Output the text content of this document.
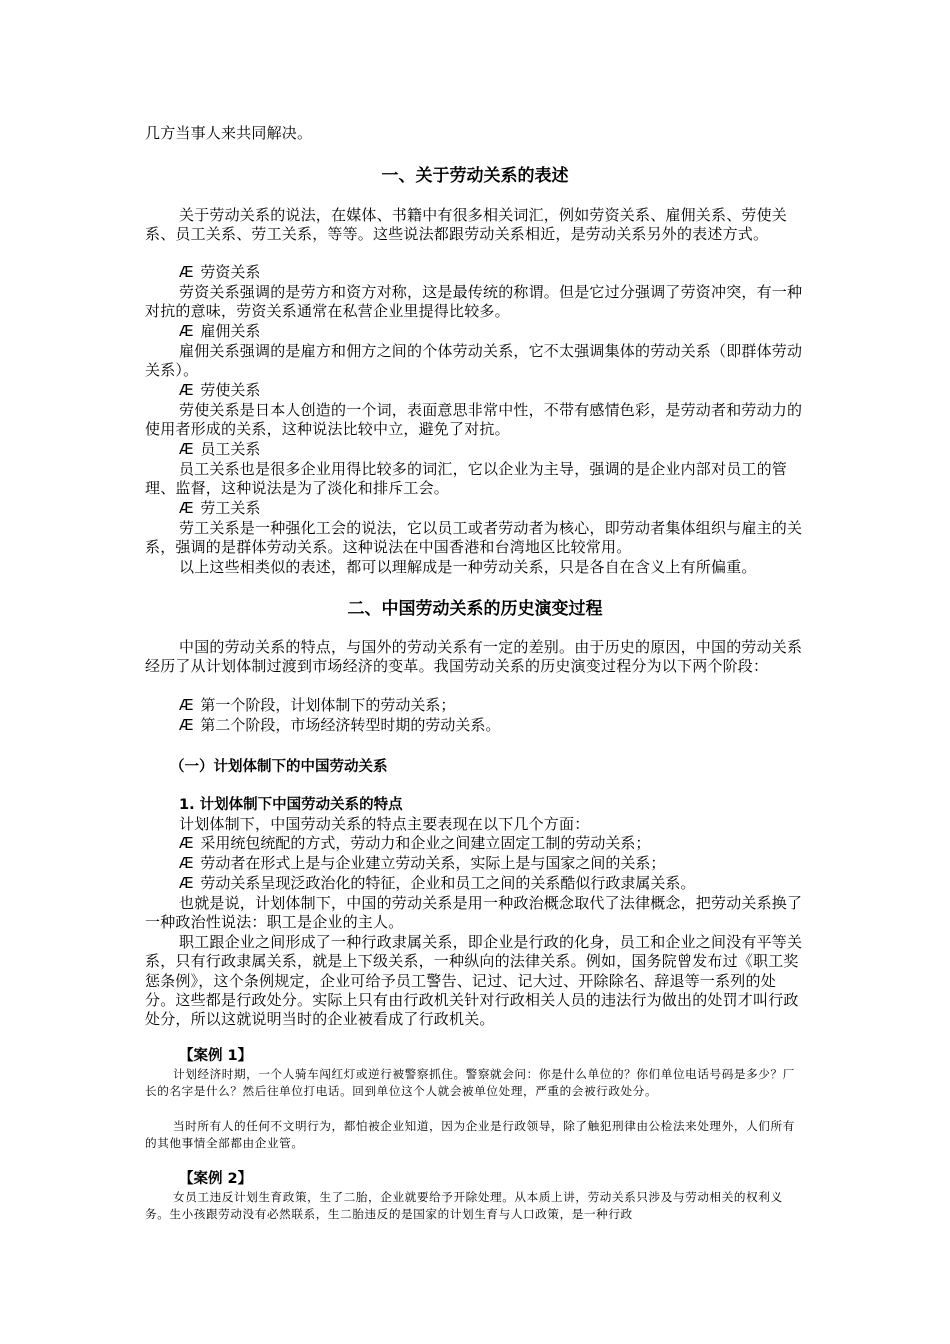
几方当事人来共同解决。

一、关于劳动关系的表述

关于劳动关系的说法，在媒体、书籍中有很多相关词汇，例如劳资关系、雇佣关系、劳使关系、员工关系、劳工关系，等等。这些说法都跟劳动关系相近，是劳动关系另外的表述方式。

Æ 劳资关系

劳资关系强调的是劳方和资方对称，这是最传统的称谓。但是它过分强调了劳资冲突，有一种对抗的意味，劳资关系通常在私营企业里提得比较多。

Æ 雇佣关系

雇佣关系强调的是雇方和佣方之间的个体劳动关系，它不太强调集体的劳动关系（即群体劳动关系）。

Æ 劳使关系

劳使关系是日本人创造的一个词，表面意思非常中性，不带有感情色彩，是劳动者和劳动力的使用者形成的关系，这种说法比较中立，避免了对抗。

Æ 员工关系

员工关系也是很多企业用得比较多的词汇，它以企业为主导，强调的是企业内部对员工的管理、监督，这种说法是为了淡化和排斥工会。

Æ 劳工关系

劳工关系是一种强化工会的说法，它以员工或者劳动者为核心，即劳动者集体组织与雇主的关系，强调的是群体劳动关系。这种说法在中国香港和台湾地区比较常用。

以上这些相类似的表述，都可以理解成是一种劳动关系，只是各自在含义上有所偏重。

二、中国劳动关系的历史演变过程

中国的劳动关系的特点，与国外的劳动关系有一定的差别。由于历史的原因，中国的劳动关系经历了从计划体制过渡到市场经济的变革。我国劳动关系的历史演变过程分为以下两个阶段：

Æ 第一个阶段，计划体制下的劳动关系；

Æ 第二个阶段，市场经济转型时期的劳动关系。

（一）计划体制下的中国劳动关系
1. 计划体制下中国劳动关系的特点

计划体制下，中国劳动关系的特点主要表现在以下几个方面：

Æ 采用统包统配的方式，劳动力和企业之间建立固定工制的劳动关系；

Æ 劳动者在形式上是与企业建立劳动关系，实际上是与国家之间的关系；

Æ 劳动关系呈现泛政治化的特征，企业和员工之间的关系酷似行政隶属关系。

也就是说，计划体制下，中国的劳动关系是用一种政治概念取代了法律概念，把劳动关系换了一种政治性说法：职工是企业的主人。

职工跟企业之间形成了一种行政隶属关系，即企业是行政的化身，员工和企业之间没有平等关系，只有行政隶属关系，就是上下级关系，一种纵向的法律关系。例如，国务院曾发布过《职工奖惩条例》，这个条例规定，企业可给予员工警告、记过、记大过、开除除名、辞退等一系列的处分。这些都是行政处分。实际上只有由行政机关针对行政相关人员的违法行为做出的处罚才叫行政处分，所以这就说明当时的企业被看成了行政机关。

【案例 1】

计划经济时期，一个人骑车闯红灯或逆行被警察抓住。警察就会问：你是什么单位的？你们单位电话号码是多少？厂长的名字是什么？然后往单位打电话。回到单位这个人就会被单位处理，严重的会被行政处分。

当时所有人的任何不文明行为，都怕被企业知道，因为企业是行政领导，除了触犯刑律由公检法来处理外，人们所有的其他事情全部都由企业管。

【案例 2】

女员工违反计划生育政策，生了二胎，企业就要给予开除处理。从本质上讲，劳动关系只涉及与劳动相关的权利义务。生小孩跟劳动没有必然联系，生二胎违反的是国家的计划生育与人口政策，是一种行政
